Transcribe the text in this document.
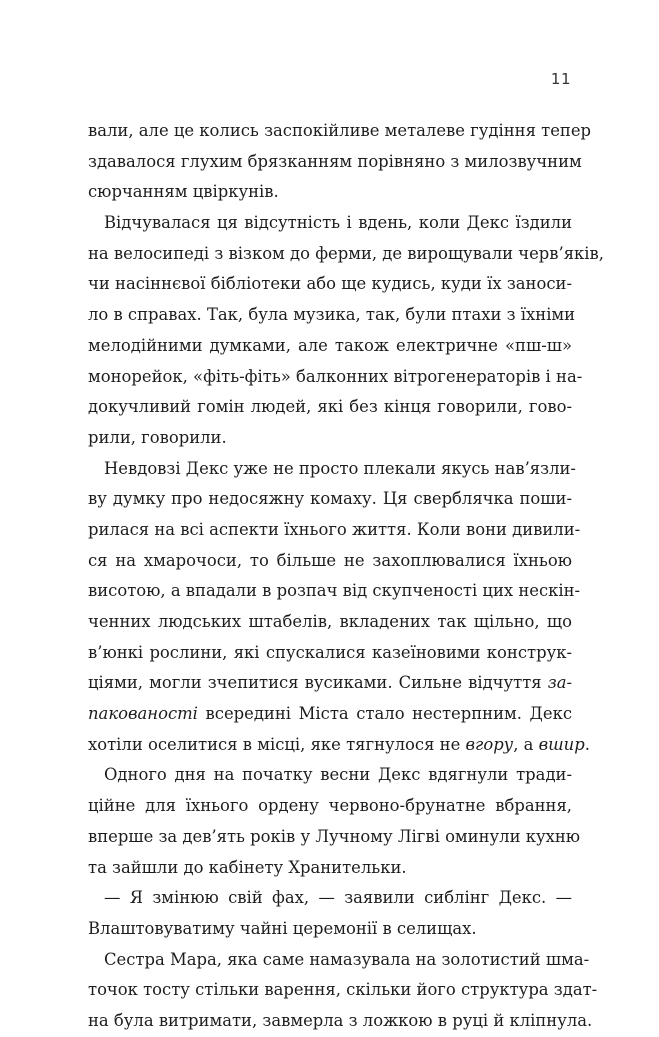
11
вали, але це колись заспокійливе металеве гудіння тепер
здавалося глухим брязканням порівняно з милозвучним
сюрчанням цвіркунів.
Відчувалася ця відсутність і вдень, коли Декс їздили
на велосипеді з візком до ферми, де вирощували черв’яків,
чи насіннєвої бібліотеки або ще кудись, куди їх заноси-
ло в справах. Так, була музика, так, були птахи з їхніми
мелодійними думками, але також електричне «пш-ш»
монорейок, «фіть-фіть» балконних вітрогенераторів і на-
докучливий гомін людей, які без кінця говорили, гово-
рили, говорили.
Невдовзі Декс уже не просто плекали якусь нав’язли-
ву думку про недосяжну комаху. Ця сверблячка поши-
рилася на всі аспекти їхнього життя. Коли вони дивили-
ся на хмарочоси, то більше не захоплювалися їхньою
висотою, а впадали в розпач від скупченості цих нескін-
ченних людських штабелів, вкладених так щільно, що
в’юнкі рослини, які спускалися казеїновими конструк-
ціями, могли зчепитися вусиками. Сильне відчуття за-
пакованості всередині Міста стало нестерпним. Декс
хотіли оселитися в місці, яке тягнулося не вгору, а вшир.
Одного дня на початку весни Декс вдягнули тради-
ційне для їхнього ордену червоно-брунатне вбрання,
вперше за дев’ять років у Лучному Лігві оминули кухню
та зайшли до кабінету Хранительки.
— Я змінюю свій фах, — заявили сиблінг Декс. —
Влаштовуватиму чайні церемонії в селищах.
Сестра Мара, яка саме намазувала на золотистий шма-
точок тосту стільки варення, скільки його структура здат-
на була витримати, завмерла з ложкою в руці й кліпнула.
